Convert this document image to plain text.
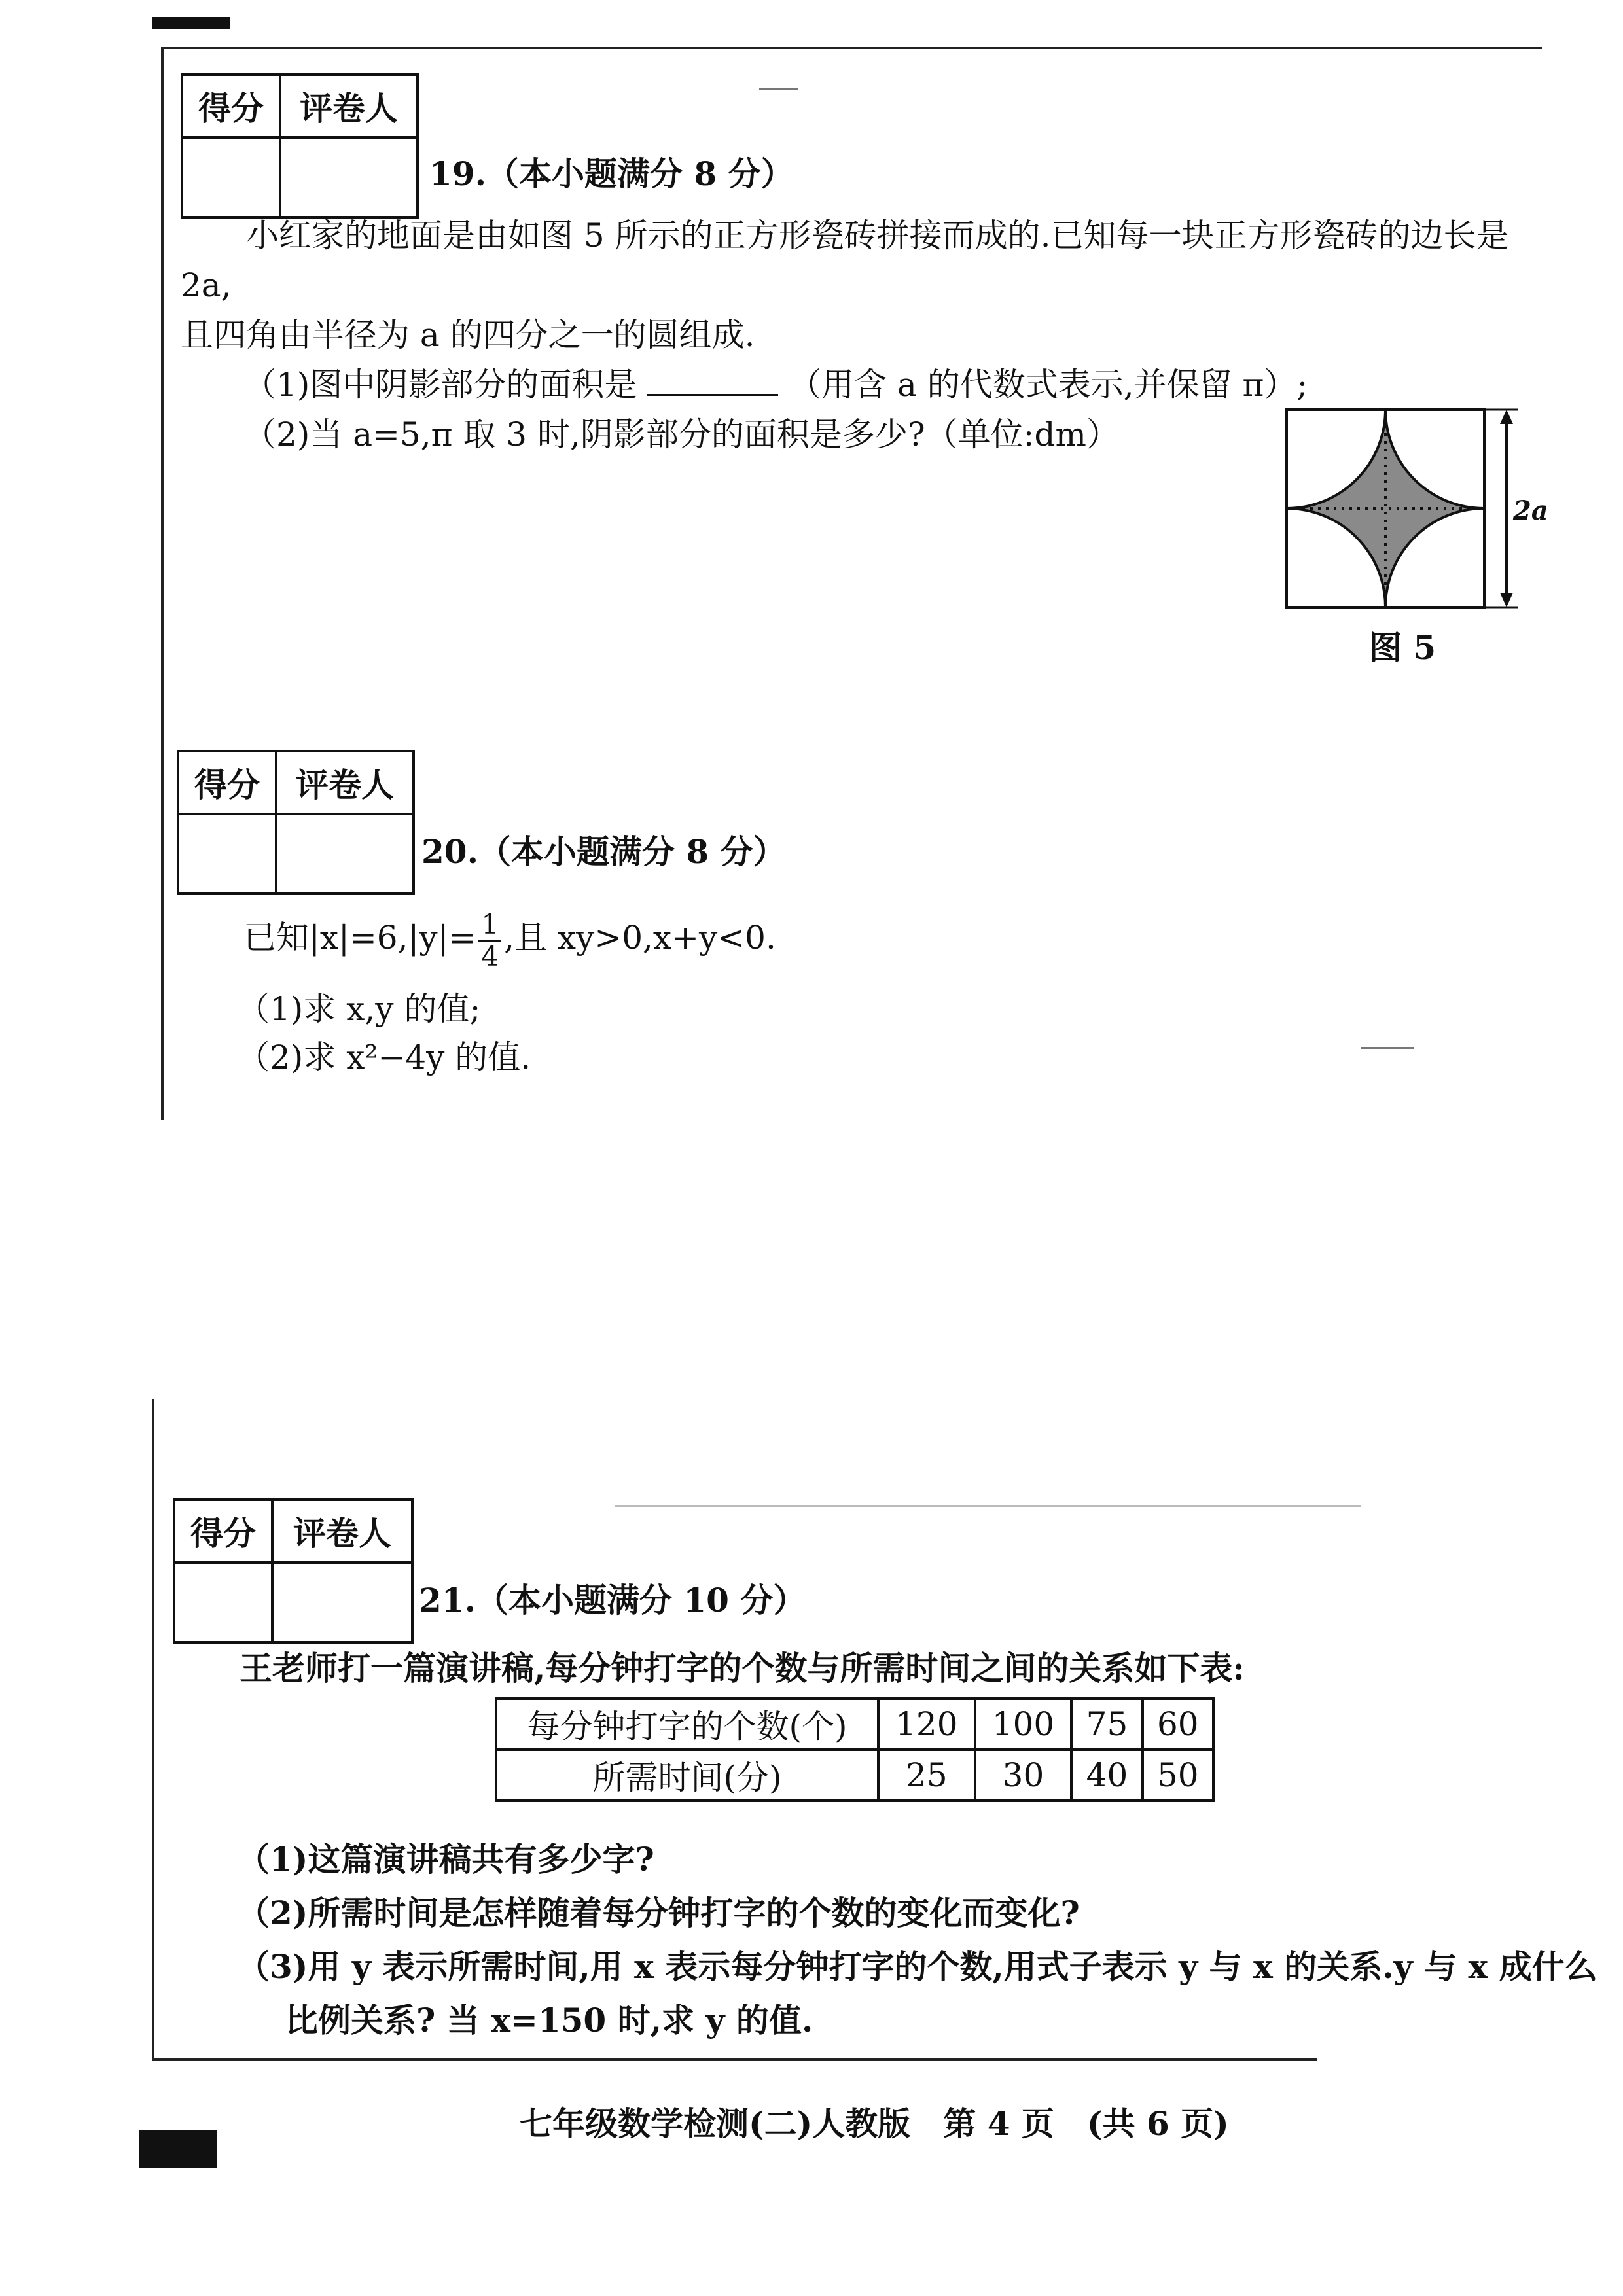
得分	评卷人

19.（本小题满分 8 分）

小红家的地面是由如图 5 所示的正方形瓷砖拼接而成的.已知每一块正方形瓷砖的边长是 2a,

且四角由半径为 a 的四分之一的圆组成.

（1)图中阴影部分的面积是	（用含 a 的代数式表示,并保留 π）;

（2)当 a=5,π 取 3 时,阴影部分的面积是多少?（单位:dm）

2a
图 5
得分	评卷人

20.（本小题满分 8 分）
已知$|x|=6,|y|= \frac{1}{4}$ ,且 xy>0,x+y<0.
（1)求 x,y 的值;
（2)求 x²−4y 的值.
得分	评卷人

21.（本小题满分 10 分）
王老师打一篇演讲稿,每分钟打字的个数与所需时间之间的关系如下表:
每分钟打字的个数(个)	120	100	75	60
所需时间(分)	25	30	40	50
（1)这篇演讲稿共有多少字?
（2)所需时间是怎样随着每分钟打字的个数的变化而变化?
（3)用 y 表示所需时间,用 x 表示每分钟打字的个数,用式子表示 y 与 x 的关系.y 与 x 成什么
比例关系? 当 x=150 时,求 y 的值.
七年级数学检测(二)人教版　第 4 页　(共 6 页)
